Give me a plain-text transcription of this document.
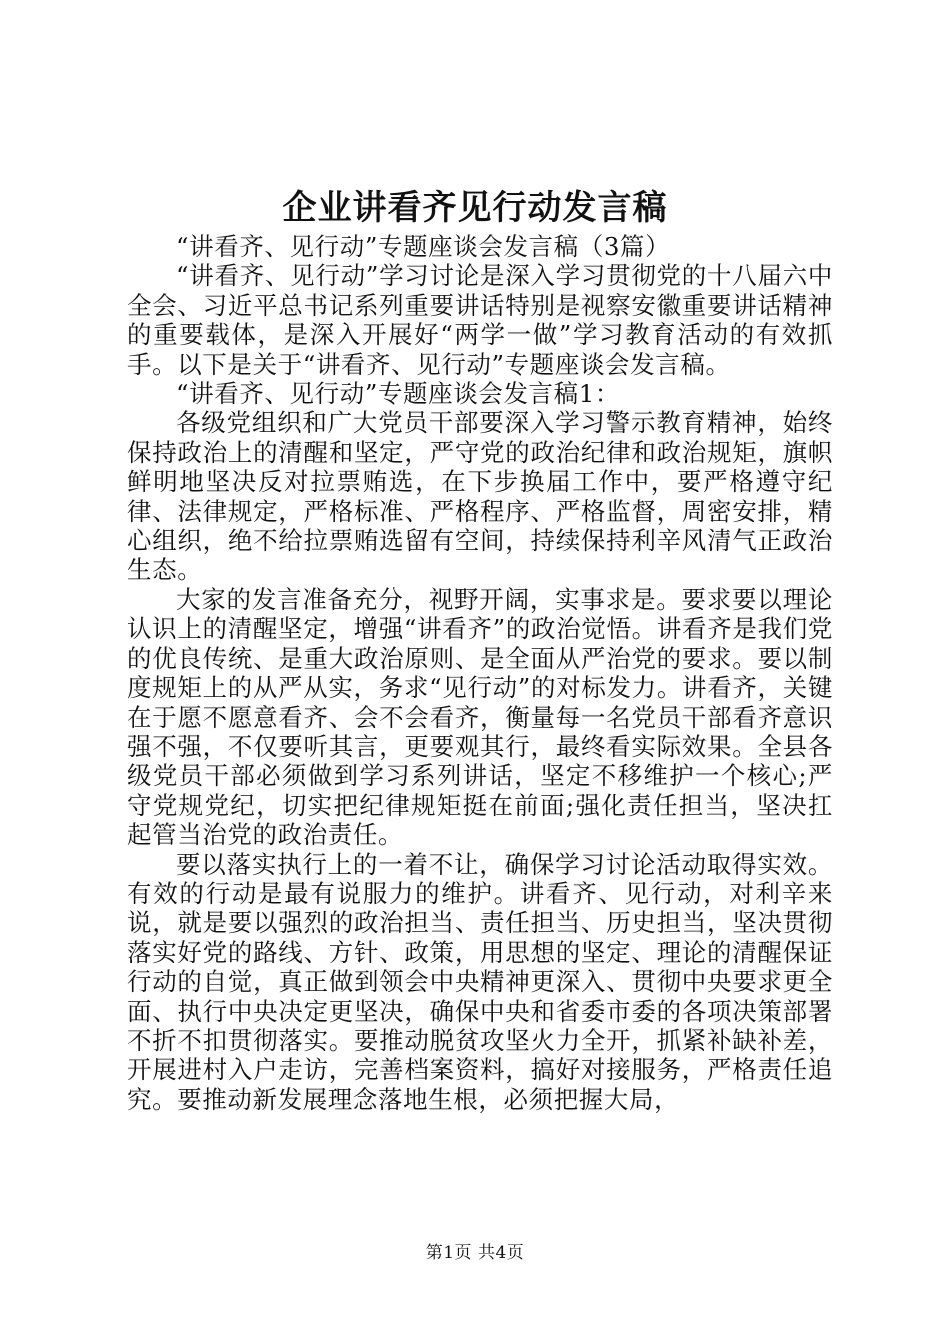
企业讲看齐见行动发言稿

“讲看齐、见行动”专题座谈会发言稿（3篇）

“讲看齐、见行动”学习讨论是深入学习贯彻党的十八届六中全会、习近平总书记系列重要讲话特别是视察安徽重要讲话精神的重要载体，是深入开展好“两学一做”学习教育活动的有效抓手。以下是关于“讲看齐、见行动”专题座谈会发言稿。

“讲看齐、见行动”专题座谈会发言稿1：

各级党组织和广大党员干部要深入学习警示教育精神，始终保持政治上的清醒和坚定，严守党的政治纪律和政治规矩，旗帜鲜明地坚决反对拉票贿选，在下步换届工作中，要严格遵守纪律、法律规定，严格标准、严格程序、严格监督，周密安排，精心组织，绝不给拉票贿选留有空间，持续保持利辛风清气正政治生态。

大家的发言准备充分，视野开阔，实事求是。要求要以理论认识上的清醒坚定，增强“讲看齐”的政治觉悟。讲看齐是我们党的优良传统、是重大政治原则、是全面从严治党的要求。要以制度规矩上的从严从实，务求“见行动”的对标发力。讲看齐，关键在于愿不愿意看齐、会不会看齐，衡量每一名党员干部看齐意识强不强，不仅要听其言，更要观其行，最终看实际效果。全县各级党员干部必须做到学习系列讲话，坚定不移维护一个核心;严守党规党纪，切实把纪律规矩挺在前面;强化责任担当，坚决扛起管当治党的政治责任。

要以落实执行上的一着不让，确保学习讨论活动取得实效。有效的行动是最有说服力的维护。讲看齐、见行动，对利辛来说，就是要以强烈的政治担当、责任担当、历史担当，坚决贯彻落实好党的路线、方针、政策，用思想的坚定、理论的清醒保证行动的自觉，真正做到领会中央精神更深入、贯彻中央要求更全面、执行中央决定更坚决，确保中央和省委市委的各项决策部署不折不扣贯彻落实。要推动脱贫攻坚火力全开，抓紧补缺补差，开展进村入户走访，完善档案资料，搞好对接服务，严格责任追究。要推动新发展理念落地生根，必须把握大局，

第1页 共4页
